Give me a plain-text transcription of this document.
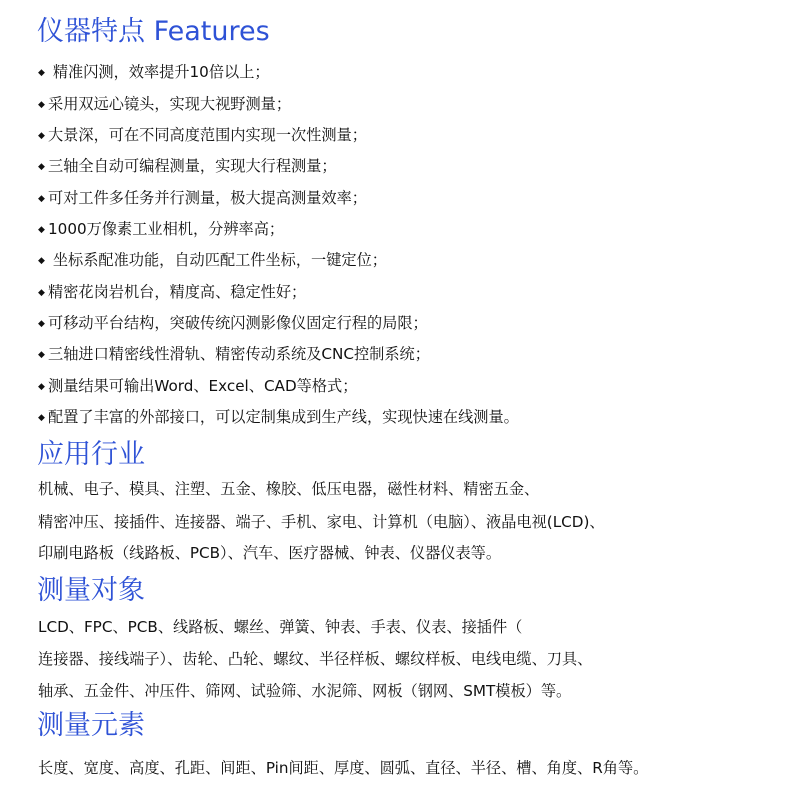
仪器特点 Features
◆ 精准闪测，效率提升10倍以上；
◆ 采用双远心镜头，实现大视野测量；
◆ 大景深，可在不同高度范围内实现一次性测量；
◆ 三轴全自动可编程测量，实现大行程测量；
◆ 可对工件多任务并行测量，极大提高测量效率；
◆ 1000万像素工业相机，分辨率高；
◆ 坐标系配准功能，自动匹配工件坐标，一键定位；
◆ 精密花岗岩机台，精度高、稳定性好；
◆ 可移动平台结构，突破传统闪测影像仪固定行程的局限；
◆ 三轴进口精密线性滑轨、精密传动系统及CNC控制系统；
◆ 测量结果可输出Word、Excel、CAD等格式；
◆ 配置了丰富的外部接口，可以定制集成到生产线，实现快速在线测量。
应用行业
机械、电子、模具、注塑、五金、橡胶、低压电器，磁性材料、精密五金、
精密冲压、接插件、连接器、端子、手机、家电、计算机（电脑）、液晶电视(LCD)、
印刷电路板（线路板、PCB）、汽车、医疗器械、钟表、仪器仪表等。
测量对象
LCD、FPC、PCB、线路板、螺丝、弹簧、钟表、手表、仪表、接插件（
连接器、接线端子）、齿轮、凸轮、螺纹、半径样板、螺纹样板、电线电缆、刀具、
轴承、五金件、冲压件、筛网、试验筛、水泥筛、网板（钢网、SMT模板）等。
测量元素
长度、宽度、高度、孔距、间距、Pin间距、厚度、圆弧、直径、半径、槽、角度、R角等。
